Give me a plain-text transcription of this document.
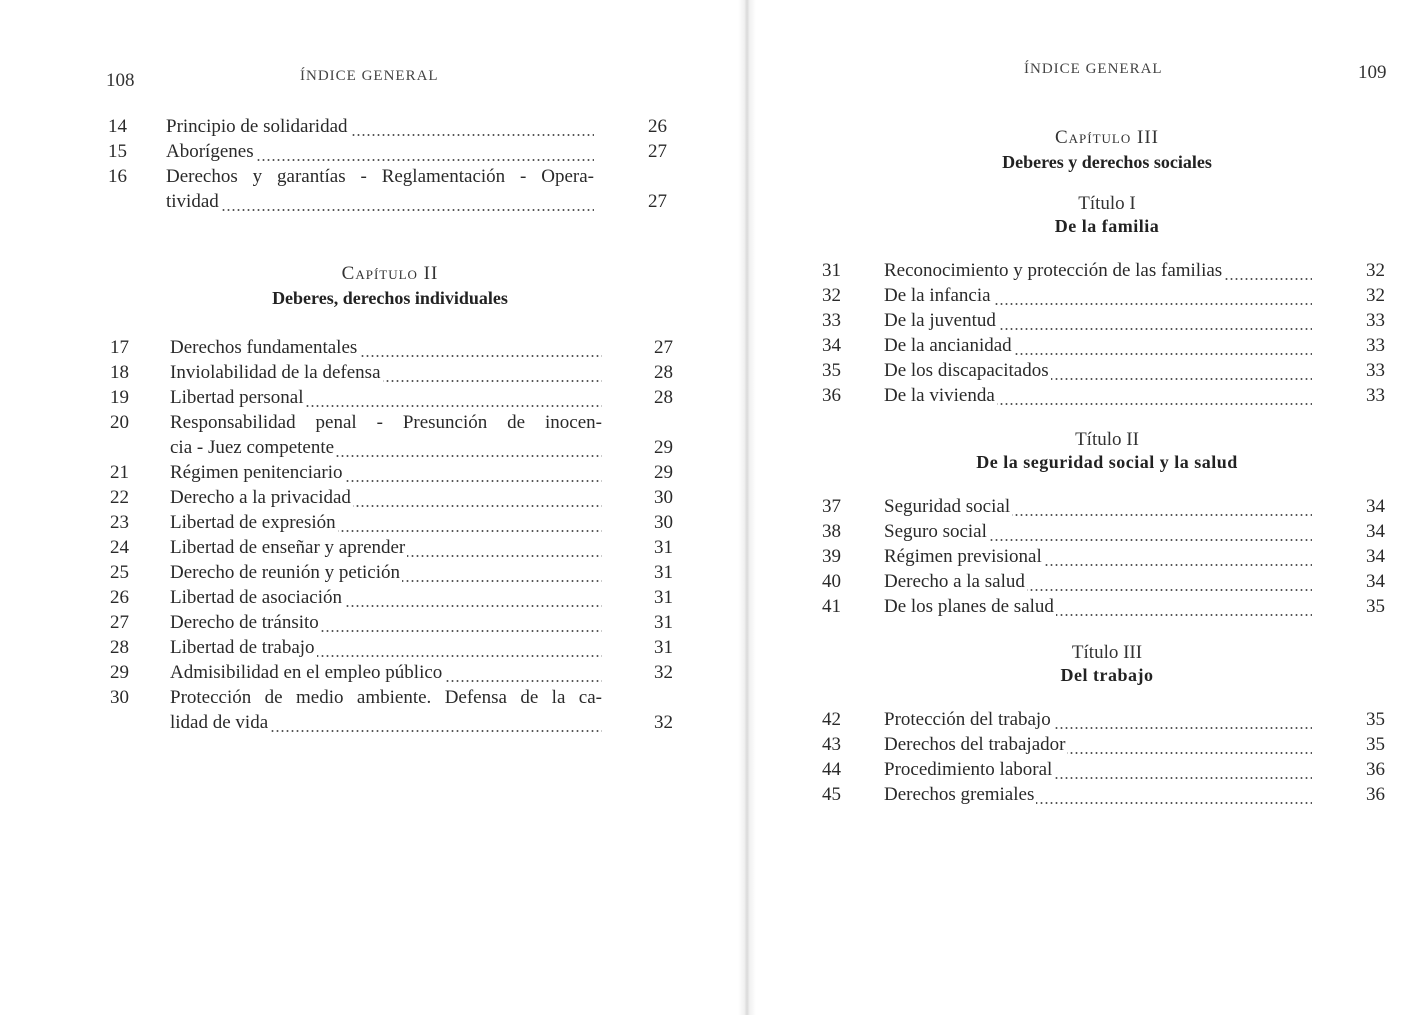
108	ÍNDICE GENERAL
14	Principio de solidaridad	26
15	Aborígenes	27
16	Derechos y garantías - Reglamentación - Opera-
tividad	27
Capítulo II
Deberes, derechos individuales
17	Derechos fundamentales	27
18	Inviolabilidad de la defensa	28
19	Libertad personal	28
20	Responsabilidad penal - Presunción de inocen-
cia - Juez competente	29
21	Régimen penitenciario	29
22	Derecho a la privacidad	30
23	Libertad de expresión	30
24	Libertad de enseñar y aprender	31
25	Derecho de reunión y petición	31
26	Libertad de asociación	31
27	Derecho de tránsito	31
28	Libertad de trabajo	31
29	Admisibilidad en el empleo público	32
30	Protección de medio ambiente. Defensa de la ca-
lidad de vida	32
ÍNDICE GENERAL	109
Capítulo III
Deberes y derechos sociales
Título I
De la familia
31	Reconocimiento y protección de las familias	32
32	De la infancia	32
33	De la juventud	33
34	De la ancianidad	33
35	De los discapacitados	33
36	De la vivienda	33
Título II
De la seguridad social y la salud
37	Seguridad social	34
38	Seguro social	34
39	Régimen previsional	34
40	Derecho a la salud	34
41	De los planes de salud	35
Título III
Del trabajo
42	Protección del trabajo	35
43	Derechos del trabajador	35
44	Procedimiento laboral	36
45	Derechos gremiales	36
